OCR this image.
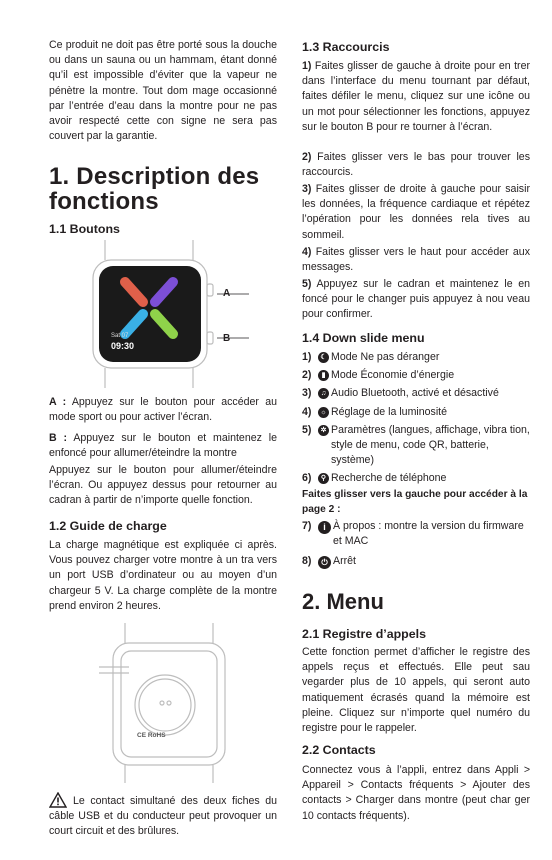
Ce produit ne doit pas être porté sous la douche ou dans un sauna ou un hammam, étant donné qu’il est impossible d’éviter que la vapeur ne pénètre la montre. Tout dom mage occasionné par l’entrée d’eau dans la montre pour ne pas avoir respecté cette con signe ne sera pas couvert par la garantie.

1. Description des
fonctions
1.1 Boutons
Sat 07
09:30
A
B

A : Appuyez sur le bouton pour accéder au mode sport ou pour activer l’écran.

B : Appuyez sur le bouton et maintenez le enfoncé pour allumer/éteindre la montre

Appuyez sur le bouton pour allumer/éteindre l’écran. Ou appuyez dessus pour retourner au cadran à partir de n’importe quelle fonction.

1.2 Guide de charge

La charge magnétique est expliquée ci après. Vous pouvez charger votre montre à un tra vers un port USB d’ordinateur ou au moyen d’un chargeur 5 V. La charge complète de la montre prend environ 2 heures.

CE RoHS

Le contact simultané des deux fiches du câble USB et du conducteur peut provoquer un court circuit et des brûlures.

1.3 Raccourcis

1) Faites glisser de gauche à droite pour en trer dans l’interface du menu tournant par défaut, faites défiler le menu, cliquez sur une icône ou un mot pour sélectionner les fonctions, appuyez sur le bouton B pour re tourner à l’écran.

2) Faites glisser vers le bas pour trouver les raccourcis.

3) Faites glisser de droite à gauche pour saisir les données, la fréquence cardiaque et répétez l’opération pour les données rela tives au sommeil.

4) Faites glisser vers le haut pour accéder aux messages.

5) Appuyez sur le cadran et maintenez le en foncé pour le changer puis appuyez à nou veau pour confirmer.

1.4 Down slide menu
1)	☾ Mode Ne pas déranger
2)	▮ Mode Économie d’énergie
3)	♫ Audio Bluetooth, activé et désactivé
4)	☼ Réglage de la luminosité
5)	✲ Paramètres (langues, affichage, vibra tion, style de menu, code QR, batterie, système)
6)	⚲ Recherche de téléphone

Faites glisser vers la gauche pour accéder à la page 2 :

7)	i À propos : montre la version du firmware et MAC
8)	⏻ Arrêt
2. Menu
2.1 Registre d’appels

Cette fonction permet d’afficher le registre des appels reçus et effectués. Elle peut sau vegarder plus de 10 appels, qui seront auto matiquement écrasés quand la mémoire est pleine. Cliquez sur n’importe quel numéro du registre pour le rappeler.

2.2 Contacts

Connectez vous à l’appli, entrez dans Appli > Appareil > Contacts fréquents > Ajouter des contacts > Charger dans montre (peut char ger 10 contacts fréquents).
